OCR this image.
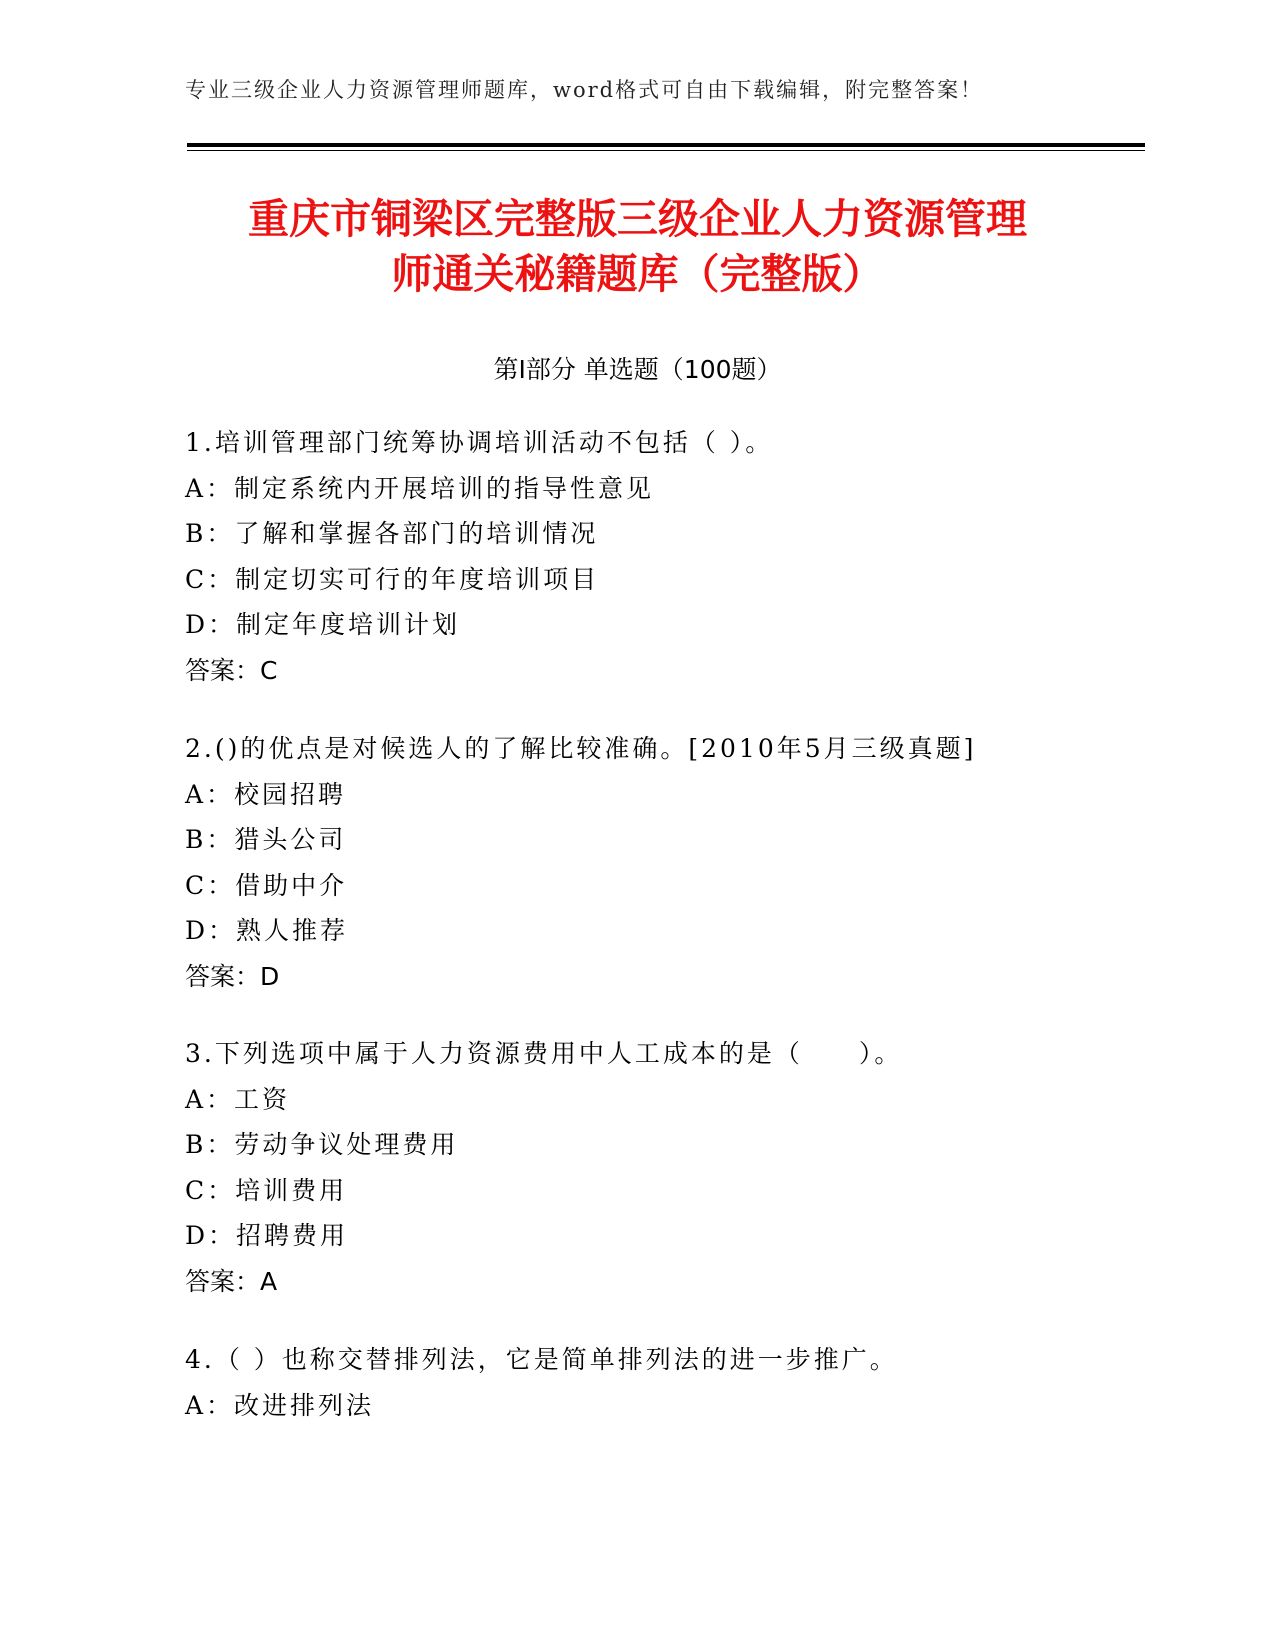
专业三级企业人力资源管理师题库，word格式可自由下载编辑，附完整答案！
重庆市铜梁区完整版三级企业人力资源管理
师通关秘籍题库（完整版）
第Ⅰ部分 单选题（100题）
1.培训管理部门统筹协调培训活动不包括（ ）。
A：制定系统内开展培训的指导性意见
B：了解和掌握各部门的培训情况
C：制定切实可行的年度培训项目
D：制定年度培训计划
答案：C
2.()的优点是对候选人的了解比较准确。[2010年5月三级真题]
A：校园招聘
B：猎头公司
C：借助中介
D：熟人推荐
答案：D
3.下列选项中属于人力资源费用中人工成本的是（　　）。
A：工资
B：劳动争议处理费用
C：培训费用
D：招聘费用
答案：A
4.（ ）也称交替排列法，它是简单排列法的进一步推广。
A：改进排列法
